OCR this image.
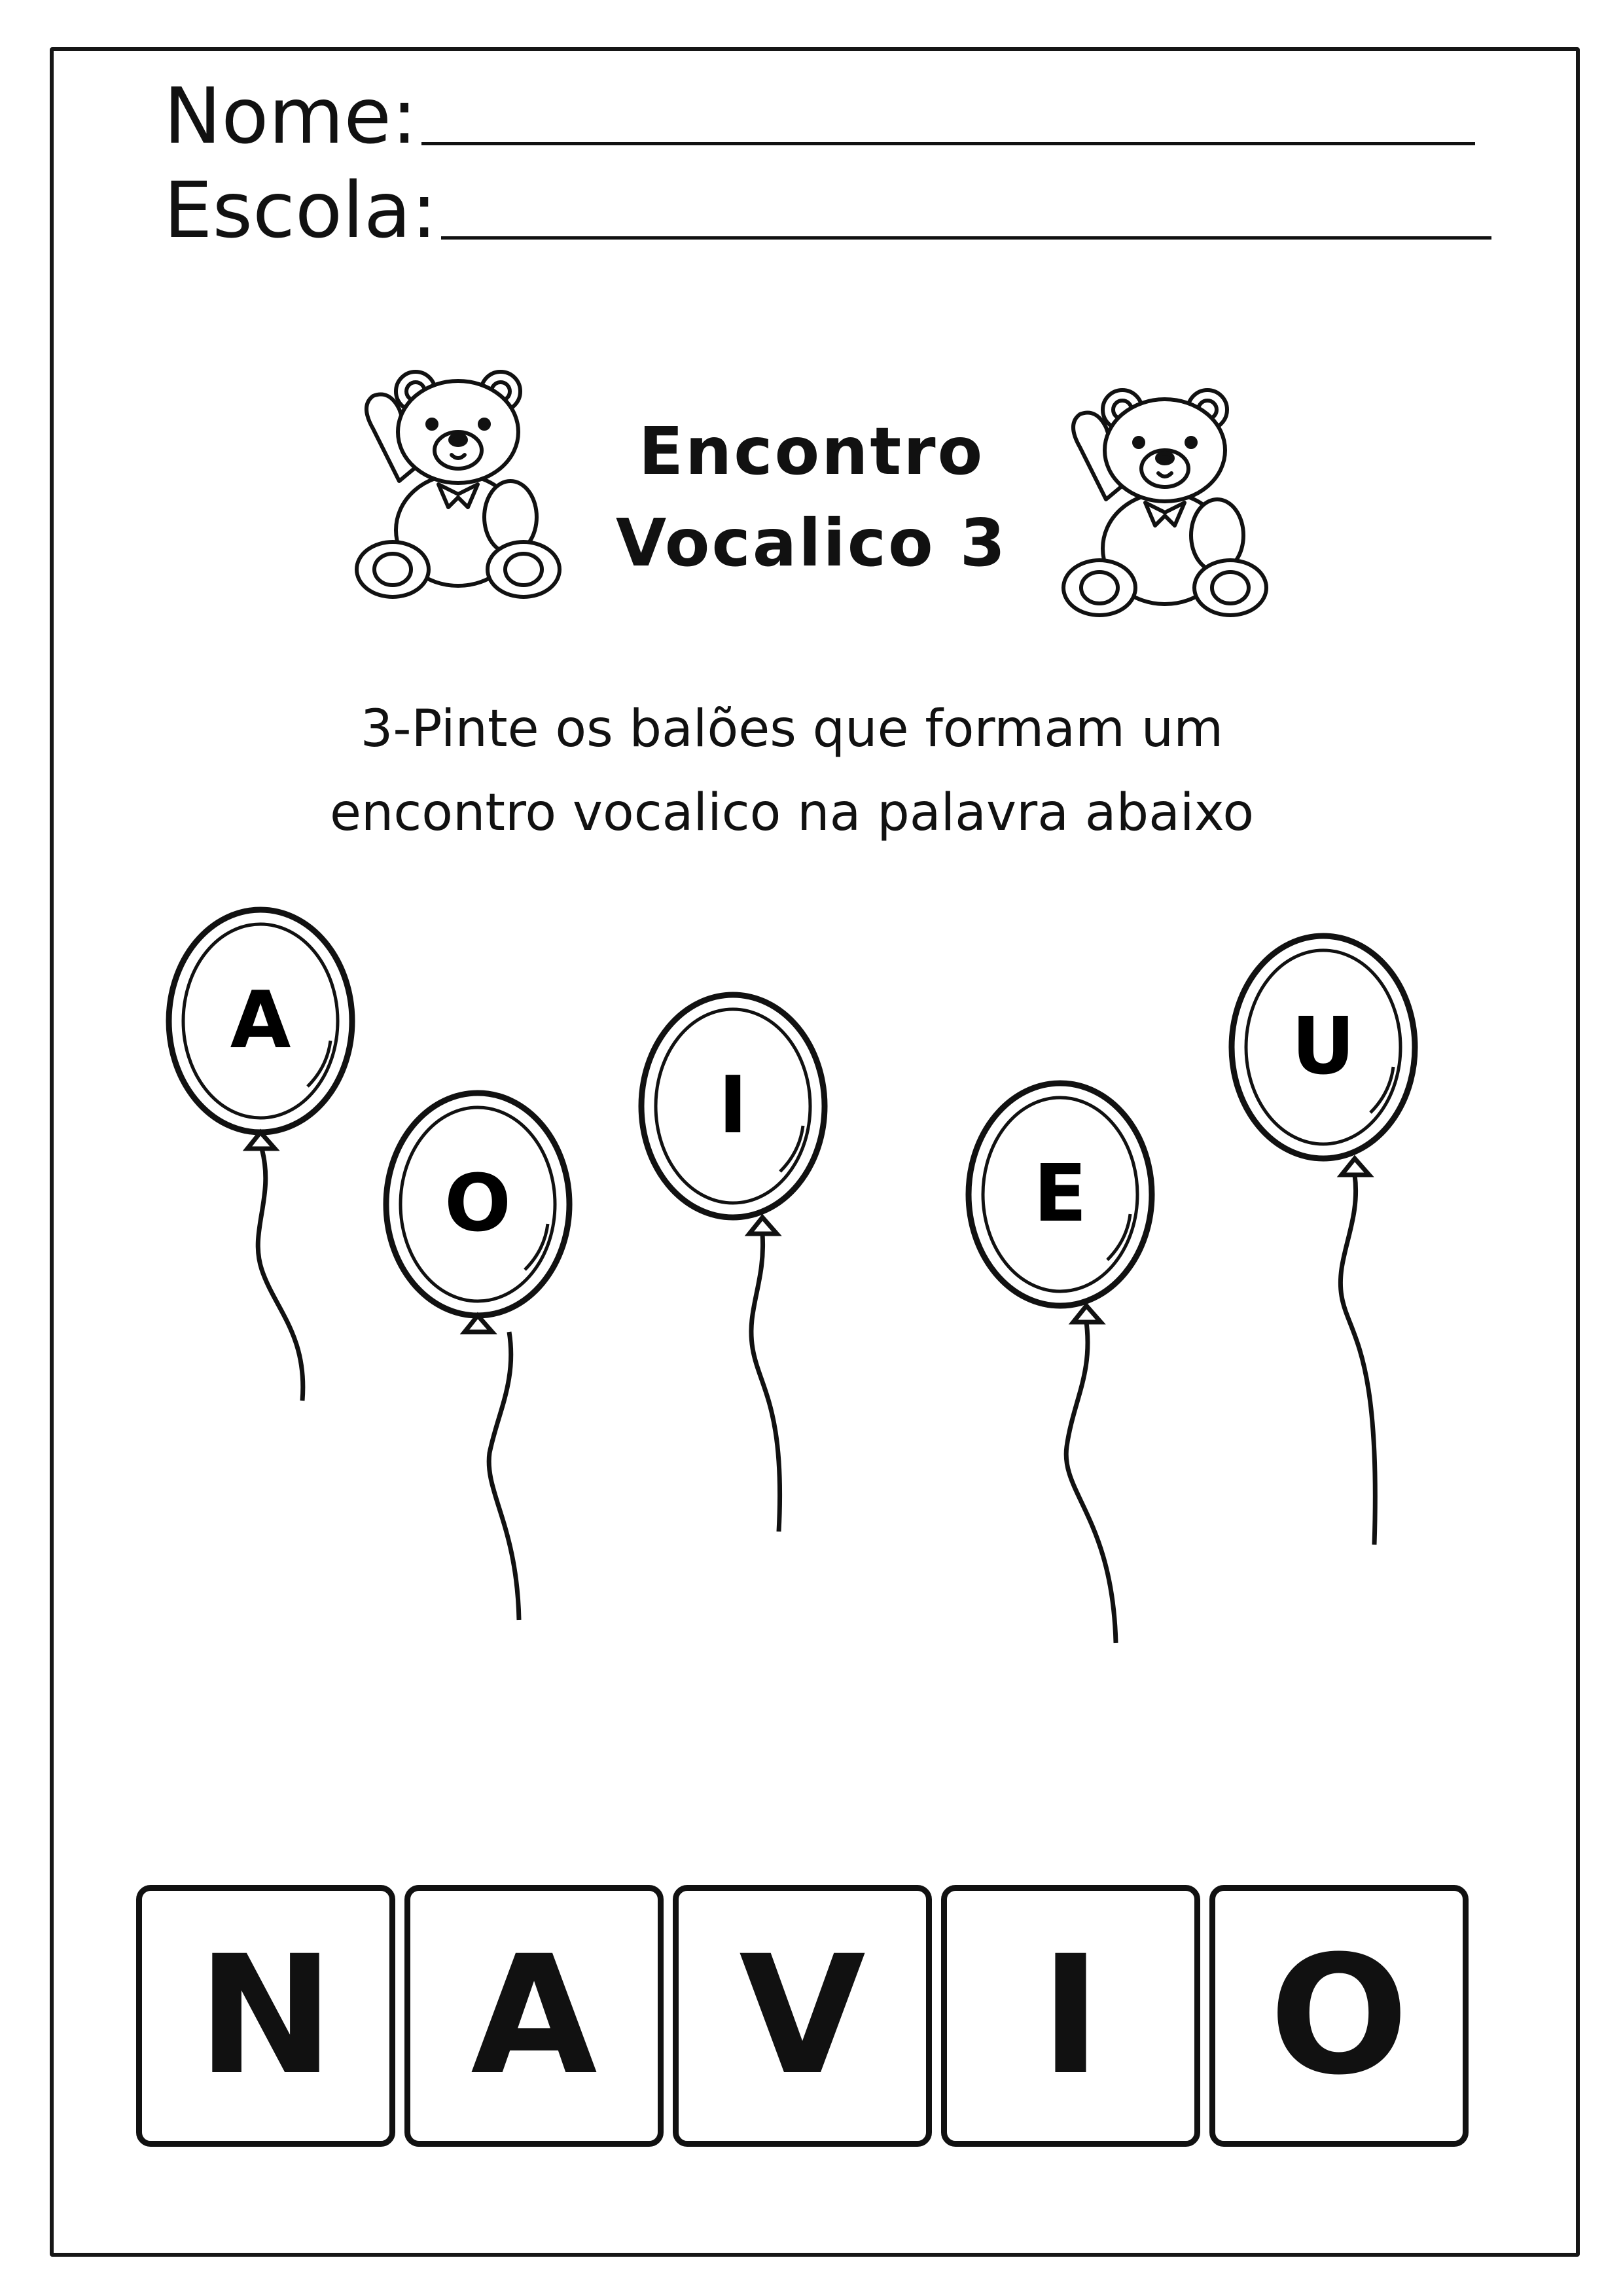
Nome:
Escola:
Encontro
Vocalico 3
3-Pinte os balões que formam um
encontro vocalico na palavra abaixo
A
O
I
E
U
N A V I O
